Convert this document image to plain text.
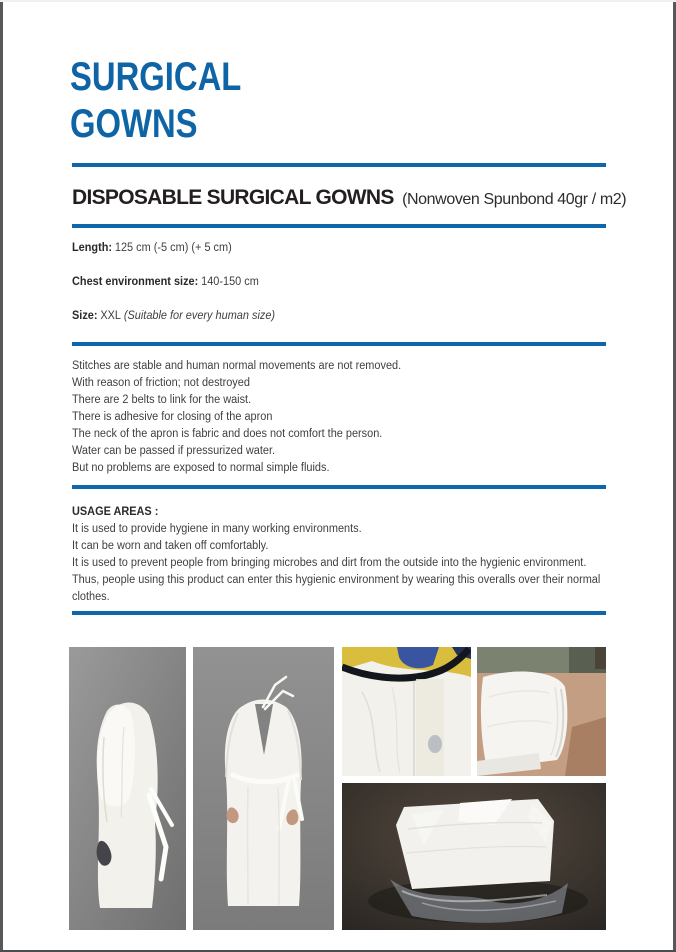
SURGICAL
GOWNS
DISPOSABLE SURGICAL GOWNS (Nonwoven Spunbond 40gr / m2)
Length: 125 cm (-5 cm) (+ 5 cm)
Chest environment size: 140-150 cm
Size: XXL (Suitable for every human size)
Stitches are stable and human normal movements are not removed.
With reason of friction; not destroyed
There are 2 belts to link for the waist.
There is adhesive for closing of the apron
The neck of the apron is fabric and does not comfort the person.
Water can be passed if pressurized water.
But no problems are exposed to normal simple fluids.
USAGE AREAS :
It is used to provide hygiene in many working environments.
It can be worn and taken off comfortably.
It is used to prevent people from bringing microbes and dirt from the outside into the hygienic environment.
Thus, people using this product can enter this hygienic environment by wearing this overalls over their normal
clothes.
